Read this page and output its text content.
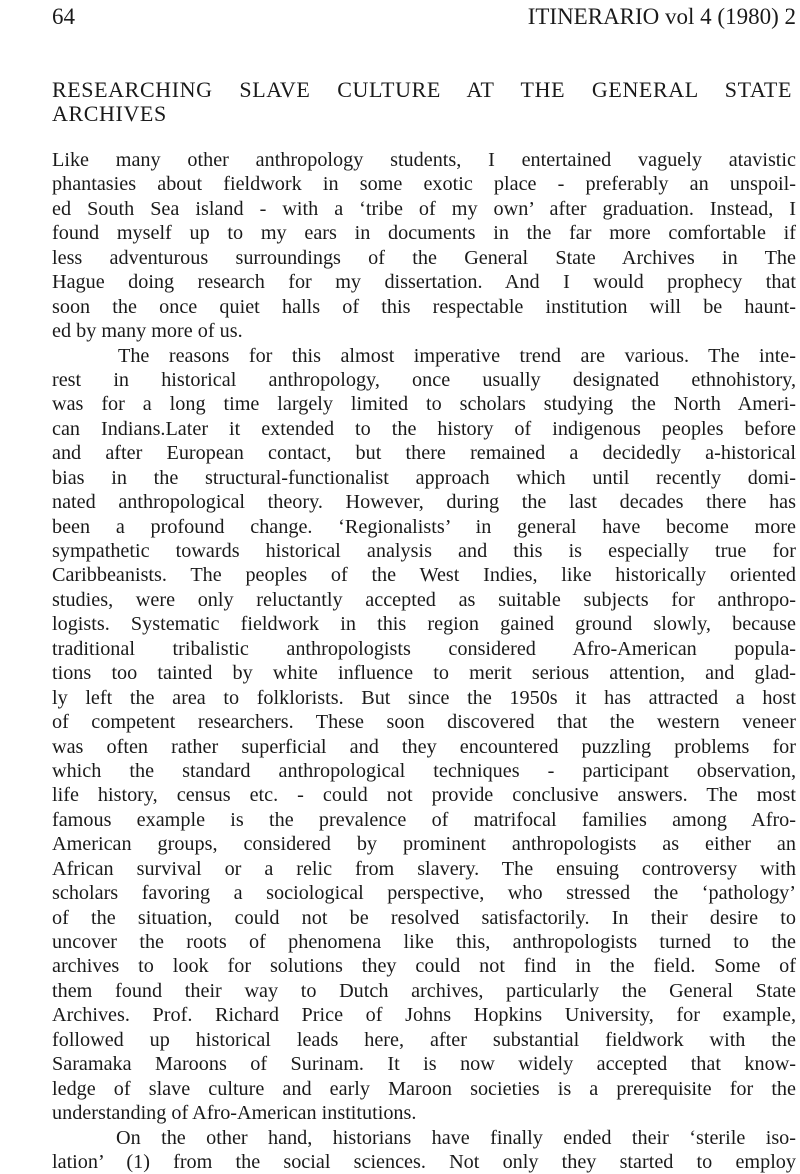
64	ITINERARIO vol 4 (1980) 2
RESEARCHING SLAVE CULTURE AT THE GENERAL STATE
ARCHIVES
Like many other anthropology students, I entertained vaguely atavistic
phantasies about fieldwork in some exotic place - preferably an unspoil-
ed South Sea island - with a ‘tribe of my own’ after graduation. Instead, I
found myself up to my ears in documents in the far more comfortable if
less adventurous surroundings of the General State Archives in The
Hague doing research for my dissertation. And I would prophecy that
soon the once quiet halls of this respectable institution will be haunt-
ed by many more of us.
The reasons for this almost imperative trend are various. The inte-
rest in historical anthropology, once usually designated ethnohistory,
was for a long time largely limited to scholars studying the North Ameri-
can Indians.Later it extended to the history of indigenous peoples before
and after European contact, but there remained a decidedly a-historical
bias in the structural-functionalist approach which until recently domi-
nated anthropological theory. However, during the last decades there has
been a profound change. ‘Regionalists’ in general have become more
sympathetic towards historical analysis and this is especially true for
Caribbeanists. The peoples of the West Indies, like historically oriented
studies, were only reluctantly accepted as suitable subjects for anthropo-
logists. Systematic fieldwork in this region gained ground slowly, because
traditional tribalistic anthropologists considered Afro-American popula-
tions too tainted by white influence to merit serious attention, and glad-
ly left the area to folklorists. But since the 1950s it has attracted a host
of competent researchers. These soon discovered that the western veneer
was often rather superficial and they encountered puzzling problems for
which the standard anthropological techniques - participant observation,
life history, census etc. - could not provide conclusive answers. The most
famous example is the prevalence of matrifocal families among Afro-
American groups, considered by prominent anthropologists as either an
African survival or a relic from slavery. The ensuing controversy with
scholars favoring a sociological perspective, who stressed the ‘pathology’
of the situation, could not be resolved satisfactorily. In their desire to
uncover the roots of phenomena like this, anthropologists turned to the
archives to look for solutions they could not find in the field. Some of
them found their way to Dutch archives, particularly the General State
Archives. Prof. Richard Price of Johns Hopkins University, for example,
followed up historical leads here, after substantial fieldwork with the
Saramaka Maroons of Surinam. It is now widely accepted that know-
ledge of slave culture and early Maroon societies is a prerequisite for the
understanding of Afro-American institutions.
On the other hand, historians have finally ended their ‘sterile iso-
lation’ (1) from the social sciences. Not only they started to employ
